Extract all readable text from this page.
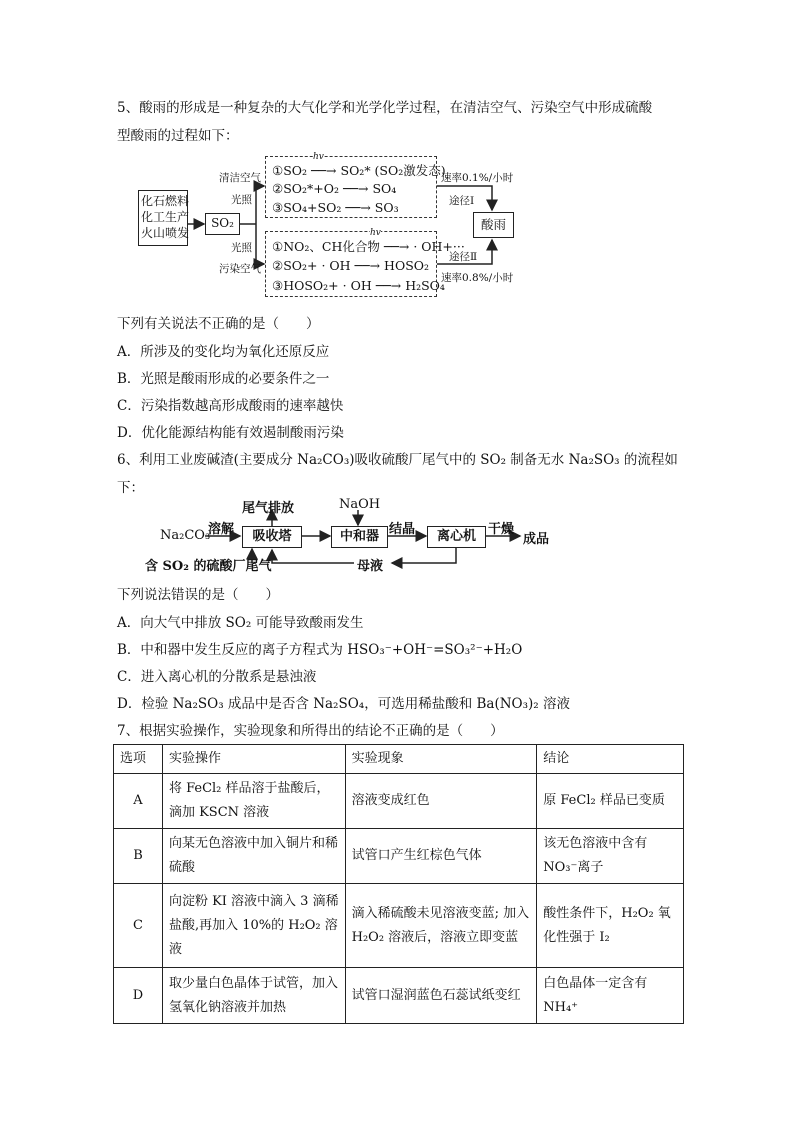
5、酸雨的形成是一种复杂的大气化学和光学化学过程，在清洁空气、污染空气中形成硫酸
型酸雨的过程如下：
化石燃料
化工生产
火山喷发
SO₂
清洁空气
光照
光照
污染空气
①SO₂ ──→ SO₂* (SO₂激发态)
②SO₂*+O₂ ──→ SO₄
③SO₄+SO₂ ──→ SO₃
hv
①NO₂、CH化合物 ──→ · OH+···
②SO₂+ · OH ──→ HOSO₂
③HOSO₂+ · OH ──→ H₂SO₄
hv
速率0.1%/小时
途径Ⅰ
酸雨
途径Ⅱ
速率0.8%/小时
下列有关说法不正确的是（　　）
A．所涉及的变化均为氧化还原反应
B．光照是酸雨形成的必要条件之一
C．污染指数越高形成酸雨的速率越快
D．优化能源结构能有效遏制酸雨污染
6、利用工业废碱渣(主要成分 Na₂CO₃)吸收硫酸厂尾气中的 SO₂ 制备无水 Na₂SO₃ 的流程如
下：
尾气排放	NaOH
Na₂CO₃
溶解	吸收塔	中和器 结晶	离心机 干燥
成品
含 SO₂ 的硫酸厂尾气	母液
下列说法错误的是（　　）
A．向大气中排放 SO₂ 可能导致酸雨发生
B．中和器中发生反应的离子方程式为 HSO₃⁻+OH⁻=SO₃²⁻+H₂O
C．进入离心机的分散系是悬浊液
D．检验 Na₂SO₃ 成品中是否含 Na₂SO₄，可选用稀盐酸和 Ba(NO₃)₂ 溶液
7、根据实验操作，实验现象和所得出的结论不正确的是（　　）
选项	实验操作	实验现象	结论
A	将 FeCl₂ 样品溶于盐酸后，滴加 KSCN 溶液	溶液变成红色	原 FeCl₂ 样品已变质
B	向某无色溶液中加入铜片和稀硫酸	试管口产生红棕色气体	该无色溶液中含有 NO₃⁻离子
C	向淀粉 KI 溶液中滴入 3 滴稀盐酸,再加入 10%的 H₂O₂ 溶液	滴入稀硫酸未见溶液变蓝; 加入 H₂O₂ 溶液后，溶液立即变蓝	酸性条件下，H₂O₂ 氧化性强于 I₂
D	取少量白色晶体于试管，加入氢氧化钠溶液并加热	试管口湿润蓝色石蕊试纸变红	白色晶体一定含有 NH₄⁺
